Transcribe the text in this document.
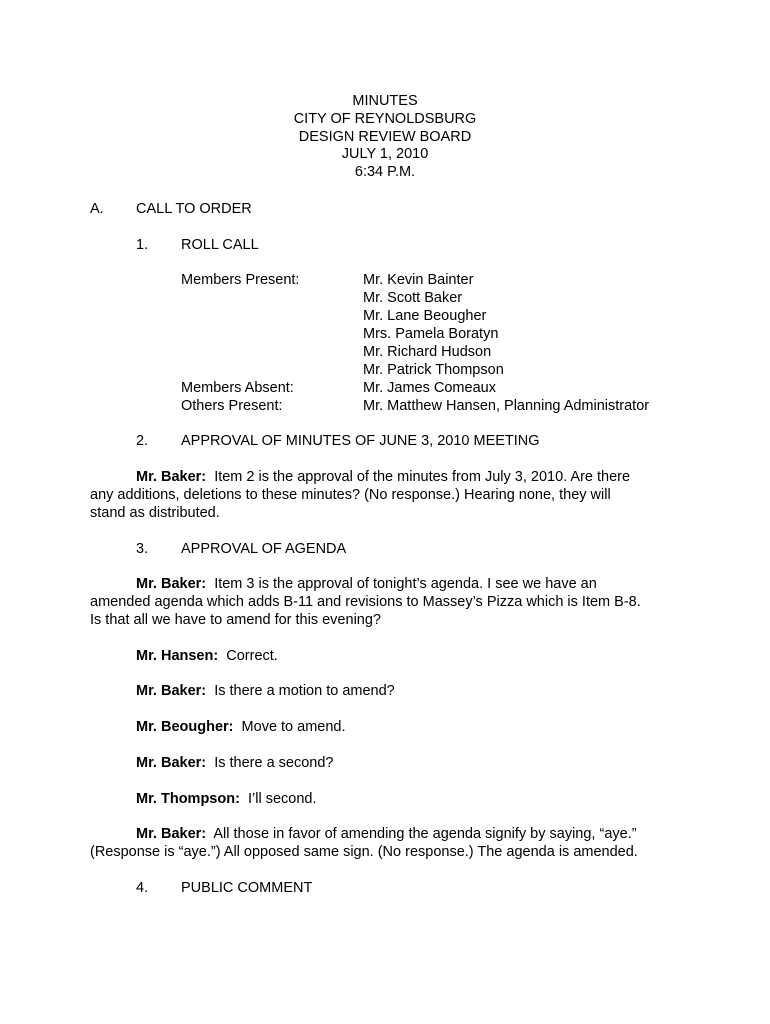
MINUTES
CITY OF REYNOLDSBURG
DESIGN REVIEW BOARD
JULY 1, 2010
6:34 P.M.
A. CALL TO ORDER
1. ROLL CALL
Members Present:
Members Absent:
Others Present:
Mr. Kevin Bainter
Mr. Scott Baker
Mr. Lane Beougher
Mrs. Pamela Boratyn
Mr. Richard Hudson
Mr. Patrick Thompson
Mr. James Comeaux
Mr. Matthew Hansen, Planning Administrator
2. APPROVAL OF MINUTES OF JUNE 3, 2010 MEETING
Mr. Baker: Item 2 is the approval of the minutes from July 3, 2010. Are there
any additions, deletions to these minutes? (No response.) Hearing none, they will
stand as distributed.
3. APPROVAL OF AGENDA
Mr. Baker: Item 3 is the approval of tonight’s agenda. I see we have an
amended agenda which adds B-11 and revisions to Massey’s Pizza which is Item B-8.
Is that all we have to amend for this evening?
Mr. Hansen: Correct.
Mr. Baker: Is there a motion to amend?
Mr. Beougher: Move to amend.
Mr. Baker: Is there a second?
Mr. Thompson: I’ll second.
Mr. Baker: All those in favor of amending the agenda signify by saying, “aye.”
(Response is “aye.”) All opposed same sign. (No response.) The agenda is amended.
4. PUBLIC COMMENT
